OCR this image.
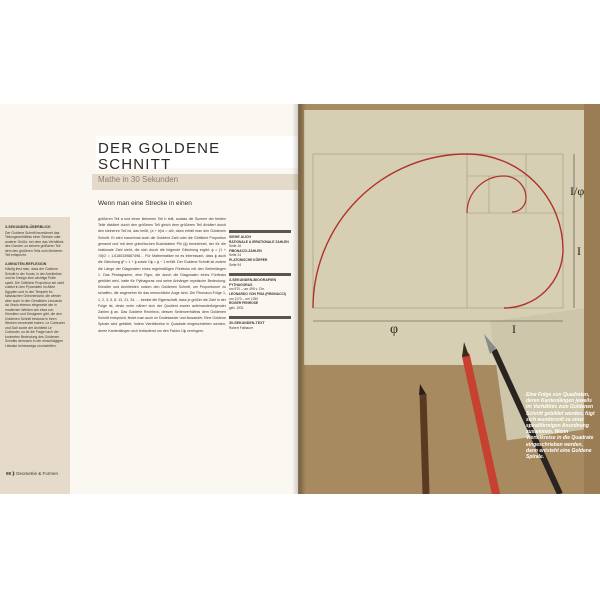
DER GOLDENE
SCHNITT
Mathe in 30 Sekunden
3-SEKUNDEN-ÜBERBLICK

Der Goldene Schnitt bezeichnet das Teilungsverhältnis einer Strecke oder anderer Größe, bei dem das Verhältnis des Ganzen zu seinem größeren Teil dem des größeren Teils zum kleineren Teil entspricht.

3-MINUTEN-REFLEXION

Häufig liest man, dass der Goldene Schnitt in der Kunst, in der Architektur und im Design eine wichtige Rolle spielt. Die Göttliche Proportion sei nicht zuletzt in den Pyramiden im Alten Ägypten und in den Tempeln im klassischen Griechenland, die wieder aber auch in den Gemälden Leonardo da Vincis ebenso eingesetzt wie in modernen Werken wie etwa von Künstlern und Designern gibt, die den Goldenen Schnitt bewusst in ihren Werken verwendet haben. Le Corbusier und Dalí sowie der Architekt Le Corbusier, so ist die Frage nach der konkreten Bedeutung des Goldenen Schnitts demnach in der einschlägigen Literatur keineswegs unumstritten.

Wenn man eine Strecke in einen

größeren Teil a und einen kleineren Teil b teilt, sodass die Summe der beiden Teile dividiert durch den größeren Teil gleich dem größeren Teil dividiert durch den kleineren Teil ist, das heißt, (a + b)/a = a/b, dann erhält man den Goldenen Schnitt. Er wird manchmal auch die Goldene Zahl oder die Göttliche Proportion genannt und mit dem griechischen Buchstaben Phi (ϕ) bezeichnet, der für die irrationale Zahl steht, die sich durch die folgende Gleichung ergibt: ϕ = (1 + √5)/2 = 1,6180339887498… Für Mathematiker ist es interessant, dass ϕ auch die Gleichung ϕ² = 1 + ϕ sowie 1/ϕ = ϕ − 1 erfüllt. Der Goldene Schnitt ist zudem die Länge der Diagonalen eines regelmäßigen Fünfecks mit den Seitenlängen 1. Das Pentagramm, eine Figur, die durch die Diagonalen eines Fünfecks gebildet wird, hatte für Pythagoras und seine Anhänger mystische Bedeutung. Künstler und Architekten nutzen den Goldenen Schnitt, um Proportionen zu schaffen, die angenehm für das menschliche Auge sind. Die Fibonacci-Folge 1, 1, 2, 3, 5, 8, 13, 21, 34, … besitzt die Eigenschaft, dass je größer die Zahl in der Folge ist, desto mehr nähert sich der Quotient zweier aufeinanderfolgender Zahlen ϕ an. Das Goldene Rechteck, dessen Seitenverhältnis dem Goldenen Schnitt entspricht, findet man auch im Dodekaeder und Ikosaeder. Eine Goldene Spirale wird gebildet, indem Viertelkreise in Quadrate eingeschrieben werden, deren Kantenlängen sich fortlaufend um den Faktor 1/ϕ verringern.

SIEHE AUCH
RATIONALE & IRRATIONALE ZAHLEN
Seite 16
FIBONACCI-ZAHLEN
Seite 24
PLATONISCHE KÖRPER
Seite 94
3-SEKUNDEN-BIOGRAFIEN
PYTHAGORAS
um 570 – um 495 v. Chr.
LEONARDO VON PISA (FIBONACCI)
um 1170 – um 1250
ROGER PENROSE
geb. 1931
30-SEKUNDEN-TEXT
Robert Fathauer
98 ⟫ Geometrie & Formen
φ	I
I/φ
I

Eine Folge von Quadraten, deren Kantenlängen jeweils im Verhältnis zum Goldenen Schnitt gebildet werden, fügt sich wundervoll zu einer spiralförmigen Anordnung zusammen. Wenn Viertelkreise in die Quadrate eingeschrieben werden, dann entsteht eine Goldene Spirale.
